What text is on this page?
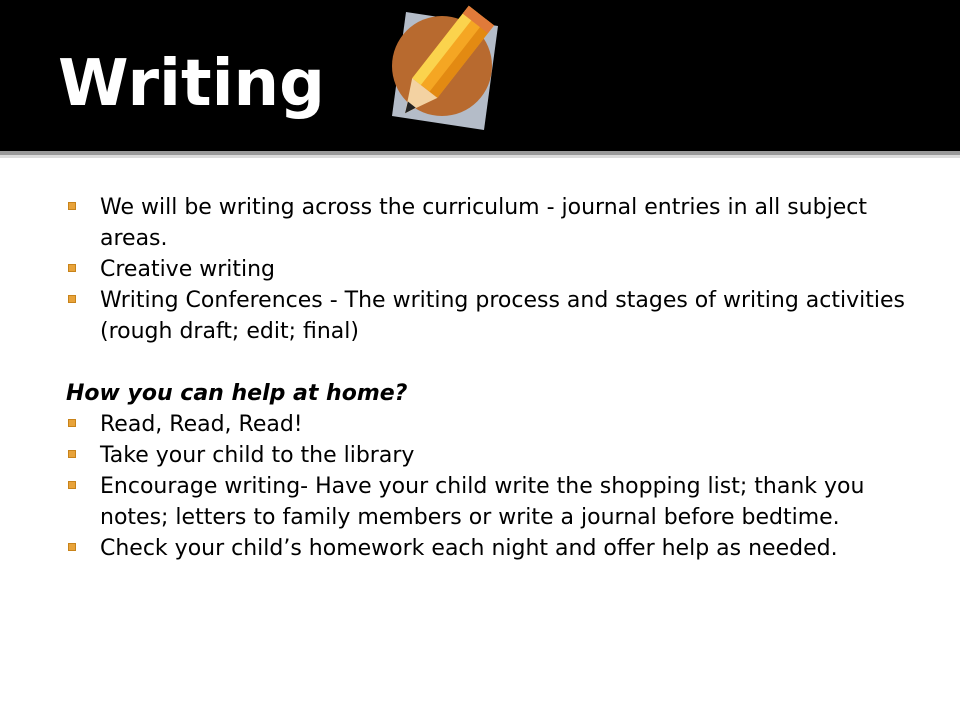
Writing
We will be writing across the curriculum - journal entries in all subject areas.
Creative writing
Writing Conferences - The writing process and stages of writing activities (rough draft; edit; final)

How you can help at home?

Read, Read, Read!
Take your child to the library
Encourage writing- Have your child write the shopping list; thank you notes; letters to family members or write a journal before bedtime.
Check your child’s homework each night and offer help as needed.
